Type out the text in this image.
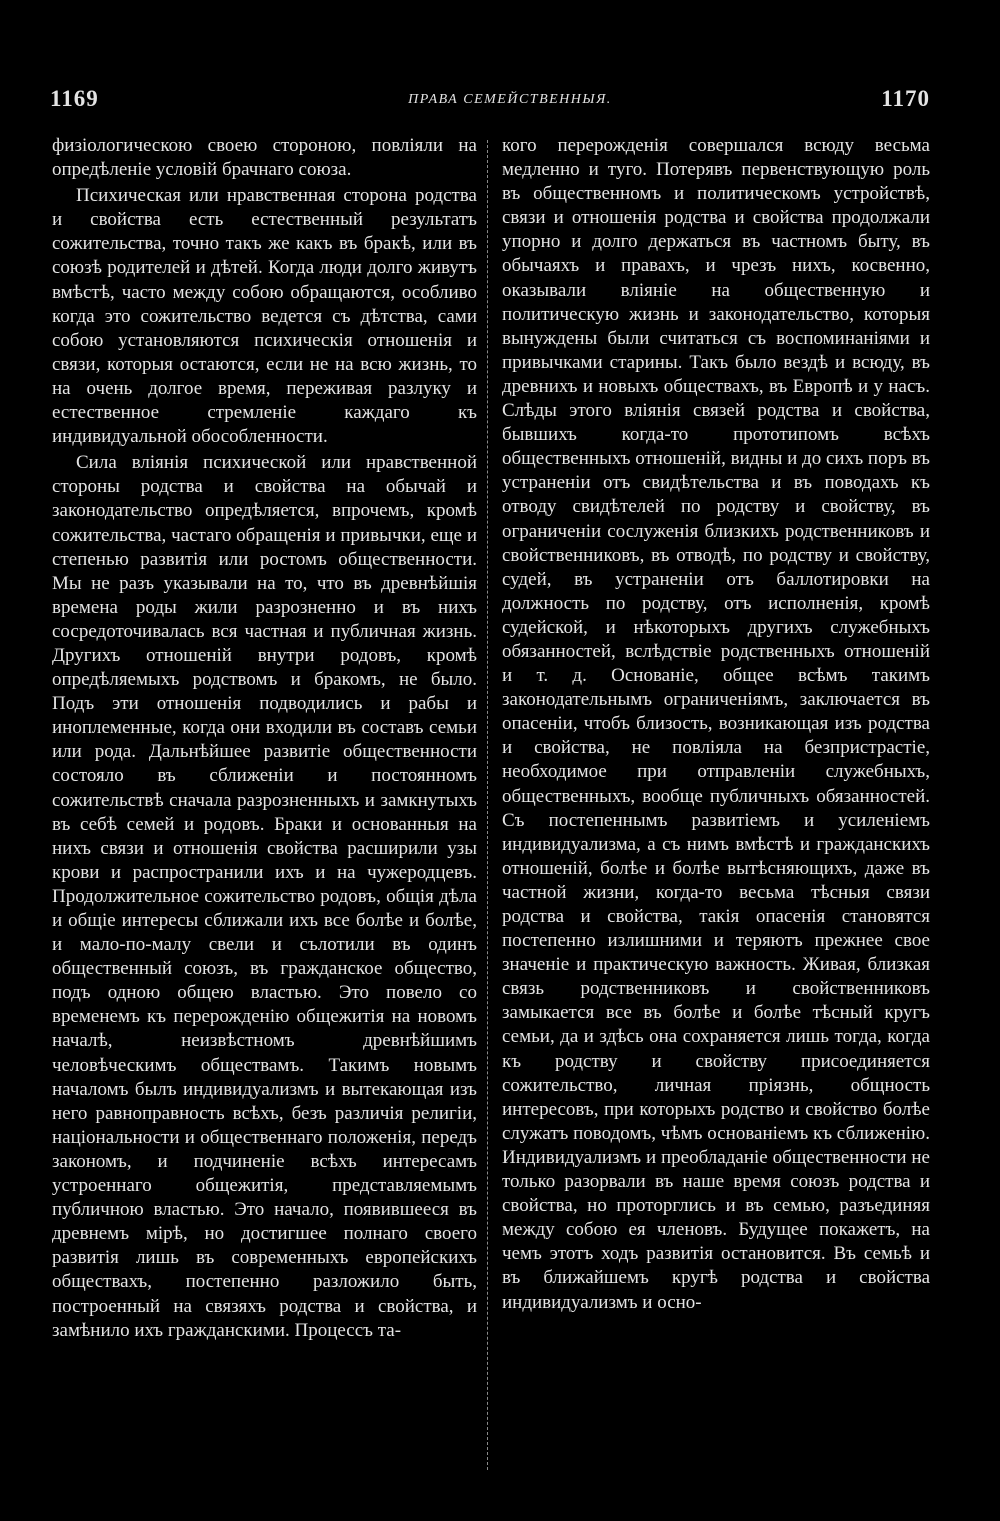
1169	ПРАВА СЕМЕЙСТВЕННЫЯ.	1170

физiологическою своею стороною, повлiяли на опредѣленiе условiй брачнаго союза.

Психическая или нравственная сторона родства и свойства есть естественный результатъ сожительства, точно такъ же какъ въ бракѣ, или въ союзѣ родителей и дѣтей. Когда люди долго живутъ вмѣстѣ, часто между собою обращаются, особливо когда это сожительство ведется съ дѣтства, сами собою установляются психическiя отношенiя и связи, которыя остаются, если не на всю жизнь, то на очень долгое время, переживая разлуку и естественное стремленiе каждаго къ индивидуальной обособленности.

Сила влiянiя психической или нравственной стороны родства и свойства на обычай и законодательство опредѣляется, впрочемъ, кромѣ сожительства, частаго обращенiя и привычки, еще и степенью развитiя или ростомъ общественности. Мы не разъ указывали на то, что въ древнѣйшiя времена роды жили разрозненно и въ нихъ сосредоточивалась вся частная и публичная жизнь. Другихъ отношенiй внутри родовъ, кромѣ опредѣляемыхъ родствомъ и бракомъ, не было. Подъ эти отношенiя подводились и рабы и иноплеменные, когда они входили въ составъ семьи или рода. Дальнѣйшее развитiе общественности состояло въ сближенiи и постоянномъ сожительствѣ сначала разрозненныхъ и замкнутыхъ въ себѣ семей и родовъ. Браки и основанныя на нихъ связи и отношенiя свойства расширили узы крови и распространили ихъ и на чужеродцевъ. Продолжительное сожительство родовъ, общiя дѣла и общiе интересы сближали ихъ все болѣе и болѣе, и мало-по-малу свели и сълотили въ одинъ общественный союзъ, въ гражданское общество, подъ одною общею властью. Это повело со временемъ къ перерожденiю общежитiя на новомъ началѣ, неизвѣстномъ древнѣйшимъ человѣческимъ обществамъ. Такимъ новымъ началомъ былъ индивидуализмъ и вытекающая изъ него равноправность всѣхъ, безъ различiя религiи, нацiональности и общественнаго положенiя, передъ закономъ, и подчиненiе всѣхъ интересамъ устроеннаго общежитiя, представляемымъ публичною властью. Это начало, появившееся въ древнемъ мiрѣ, но достигшее полнаго своего развитiя лишь въ современныхъ европейскихъ обществахъ, постепенно разложило быть, построенный на связяхъ родства и свойства, и замѣнило ихъ гражданскими. Процессъ та-

кого перерожденiя совершался всюду весьма медленно и туго. Потерявъ первенствующую роль въ общественномъ и политическомъ устройствѣ, связи и отношенiя родства и свойства продолжали упорно и долго держаться въ частномъ быту, въ обычаяхъ и правахъ, и чрезъ нихъ, косвенно, оказывали влiянiе на общественную и политическую жизнь и законодательство, которыя вынуждены были считаться съ воспоминанiями и привычками старины. Такъ было вездѣ и всюду, въ древнихъ и новыхъ обществахъ, въ Европѣ и у насъ. Слѣды этого влiянiя связей родства и свойства, бывшихъ когда-то прототипомъ всѣхъ общественныхъ отношенiй, видны и до сихъ поръ въ устраненiи отъ свидѣтельства и въ поводахъ къ отводу свидѣтелей по родству и свойству, въ ограниченiи сослуженiя близкихъ родственниковъ и свойственниковъ, въ отводѣ, по родству и свойству, судей, въ устраненiи отъ баллотировки на должность по родству, отъ исполненiя, кромѣ судейской, и нѣкоторыхъ другихъ служебныхъ обязанностей, вслѣдствiе родственныхъ отношенiй и т. д. Основанiе, общее всѣмъ такимъ законодательнымъ ограниченiямъ, заключается въ опасенiи, чтобъ близость, возникающая изъ родства и свойства, не повлiяла на безпристрастiе, необходимое при отправленiи служебныхъ, общественныхъ, вообще публичныхъ обязанностей. Съ постепеннымъ развитiемъ и усиленiемъ индивидуализма, а съ нимъ вмѣстѣ и гражданскихъ отношенiй, болѣе и болѣе вытѣсняющихъ, даже въ частной жизни, когда-то весьма тѣсныя связи родства и свойства, такiя опасенiя становятся постепенно излишними и теряютъ прежнее свое значенiе и практическую важность. Живая, близкая связь родственниковъ и свойственниковъ замыкается все въ болѣе и болѣе тѣсный кругъ семьи, да и здѣсь она сохраняется лишь тогда, когда къ родству и свойству присоединяется сожительство, личная прiязнь, общность интересовъ, при которыхъ родство и свойство болѣе служатъ поводомъ, чѣмъ основанiемъ къ сближенiю. Индивидуализмъ и преобладанiе общественности не только разорвали въ наше время союзъ родства и свойства, но проторглись и въ семью, разъединяя между собою ея членовъ. Будущее покажетъ, на чемъ этотъ ходъ развитiя остановится. Въ семьѣ и въ ближайшемъ кругѣ родства и свойства индивидуализмъ и осно-
